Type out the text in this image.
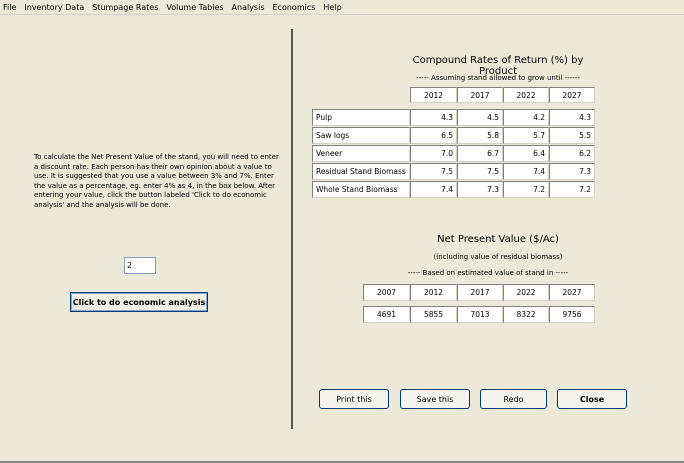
File Inventory Data Stumpage Rates Volume Tables Analysis Economics Help
To calculate the Net Present Value of the stand, you will need to enter a discount rate. Each person has their own opinion about a value to use. It is suggested that you use a value between 3% and 7%. Enter the value as a percentage, eg. enter 4% as 4, in the box below. After entering your value, click the button labeled 'Click to do economic analysis' and the analysis will be done.
2
Click to do economic analysis
Compound Rates of Return (%) by Product
----- Assuming stand allowed to grow until ------
2012	2017	2022	2027
Pulp	4.3	4.5	4.2	4.3
Saw logs	6.5	5.8	5.7	5.5
Veneer	7.0	6.7	6.4	6.2
Residual Stand Biomass	7.5	7.5	7.4	7.3
Whole Stand Biomass	7.4	7.3	7.2	7.2
Net Present Value ($/Ac)
(including value of residual biomass)
----- Based on estimated value of stand in -----
2007	2012	2017	2022	2027
4691	5855	7013	8322	9756
Print this	Save this	Redo	Close
